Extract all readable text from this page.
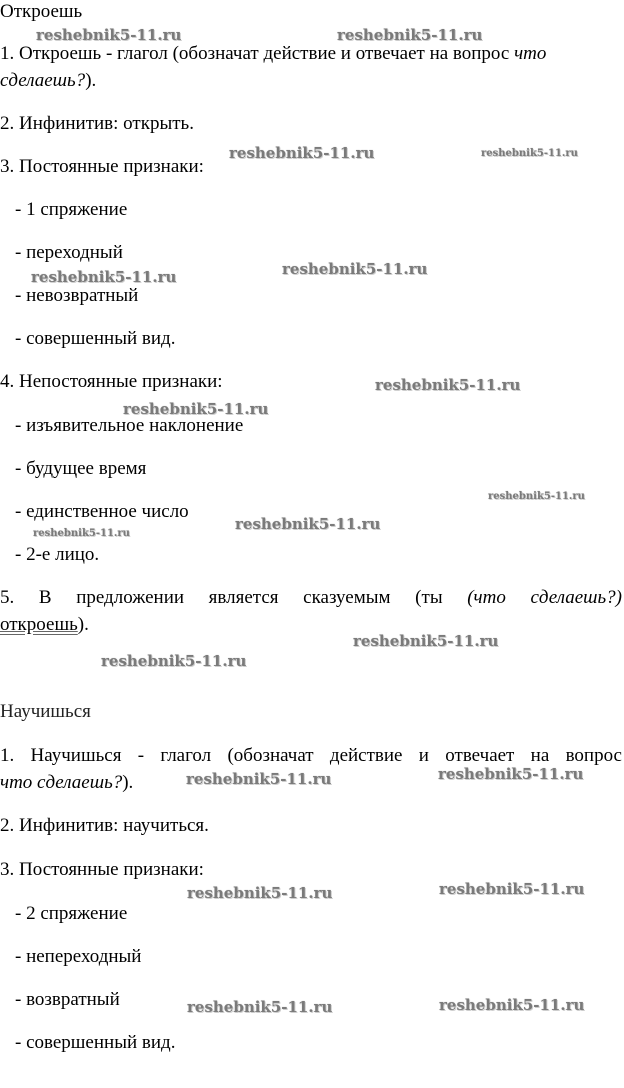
Откроешь

1. Откроешь - глагол (обозначат действие и отвечает на вопрос что

сделаешь?).

2. Инфинитив: открыть.

3. Постоянные признаки:

- 1 спряжение

- переходный

- невозвратный

- совершенный вид.

4. Непостоянные признаки:

- изъявительное наклонение

- будущее время

- единственное число

- 2-е лицо.

5. В предложении является сказуемым (ты (что сделаешь?)

откроешь).

Научишься

1. Научишься - глагол (обозначат действие и отвечает на вопрос

что сделаешь?).

2. Инфинитив: научиться.

3. Постоянные признаки:

- 2 спряжение

- непереходный

- возвратный

- совершенный вид.

reshebnik5-11.ru	reshebnik5-11.ru
reshebnik5-11.ru	reshebnik5-11.ru
reshebnik5-11.ru	reshebnik5-11.ru
reshebnik5-11.ru
reshebnik5-11.ru
reshebnik5-11.ru
reshebnik5-11.ru
reshebnik5-11.ru
reshebnik5-11.ru
reshebnik5-11.ru
reshebnik5-11.ru	reshebnik5-11.ru
reshebnik5-11.ru	reshebnik5-11.ru
reshebnik5-11.ru	reshebnik5-11.ru
